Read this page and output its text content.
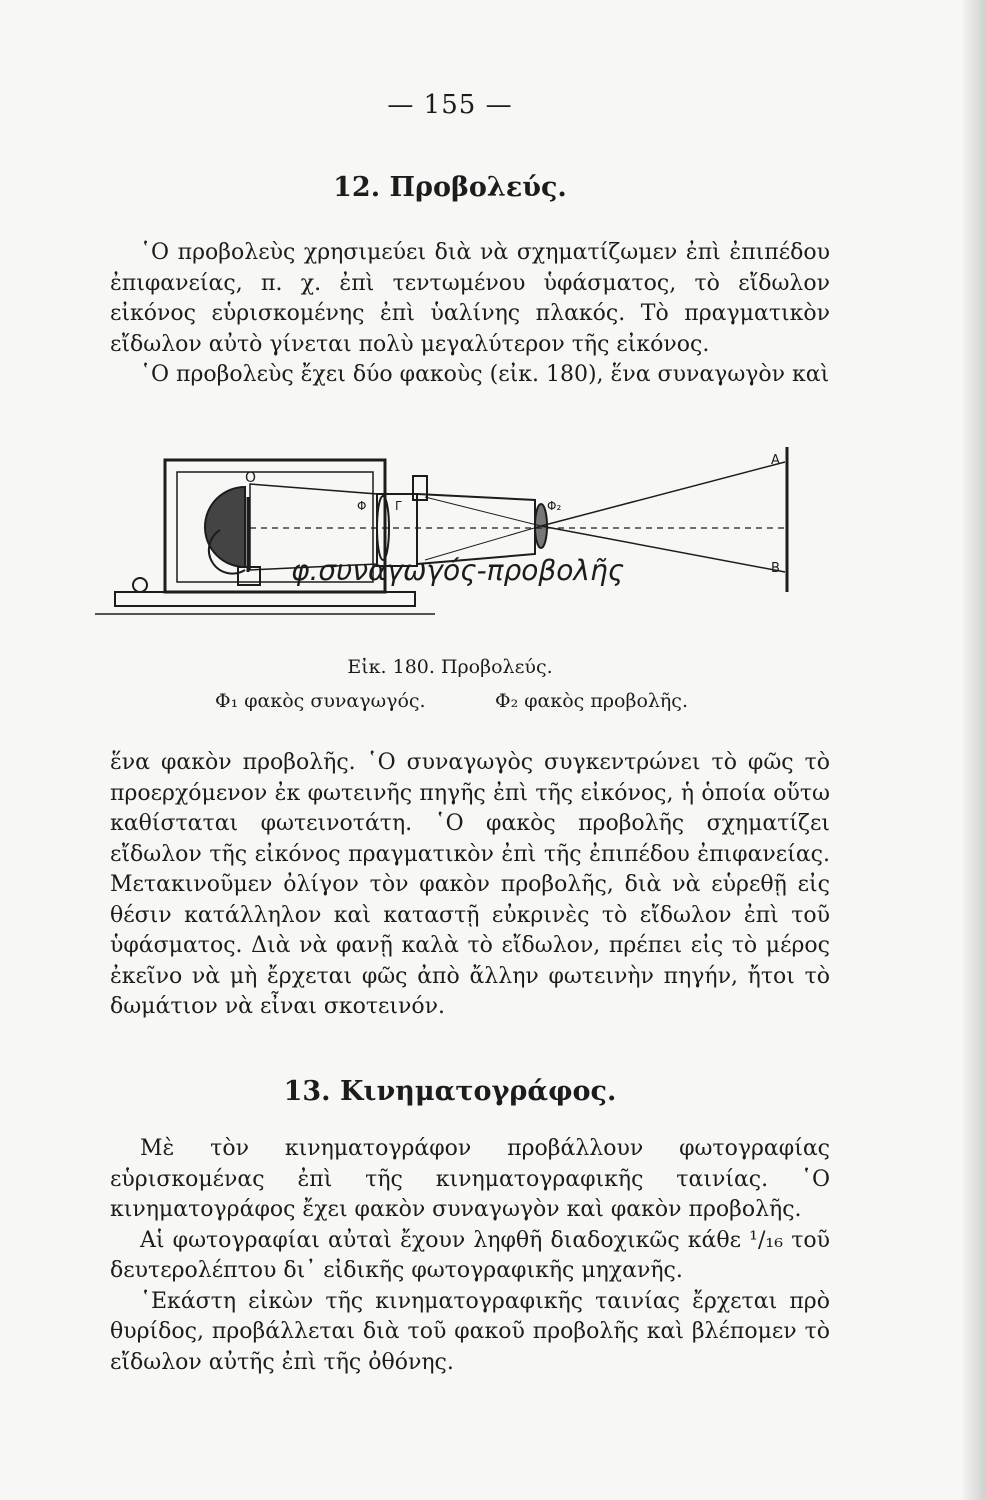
— 155 —
12. Προβολεύς.

῾Ο προβολεὺς χρησιμεύει διὰ νὰ σχηματίζωμεν ἐπὶ ἐπιπέδου ἐπιφανείας, π. χ. ἐπὶ τεντωμένου ὑφάσματος, τὸ εἴδωλον εἰκόνος εὑρισκομένης ἐπὶ ὑαλίνης πλακός. Τὸ πραγματικὸν εἴδωλον αὐτὸ γίνεται πολὺ μεγαλύτερον τῆς εἰκόνος.

῾Ο προβολεὺς ἔχει δύο φακοὺς (εἰκ. 180), ἕνα συναγωγὸν καὶ

O
Φ Γ	Φ₂
A
B
φ.συναγωγός-προβολῆς
Εἰκ. 180. Προβολεύς.
Φ₁ φακὸς συναγωγός.	Φ₂ φακὸς προβολῆς.

ἕνα φακὸν προβολῆς. ῾Ο συναγωγὸς συγκεντρώνει τὸ φῶς τὸ προερχόμενον ἐκ φωτεινῆς πηγῆς ἐπὶ τῆς εἰκόνος, ἡ ὁποία οὕτω καθίσταται φωτεινοτάτη. ῾Ο φακὸς προβολῆς σχηματίζει εἴδωλον τῆς εἰκόνος πραγματικὸν ἐπὶ τῆς ἐπιπέδου ἐπιφανείας. Μετακινοῦμεν ὀλίγον τὸν φακὸν προβολῆς, διὰ νὰ εὑρεθῇ εἰς θέσιν κατάλληλον καὶ καταστῇ εὐκρινὲς τὸ εἴδωλον ἐπὶ τοῦ ὑφάσματος. Διὰ νὰ φανῇ καλὰ τὸ εἴδωλον, πρέπει εἰς τὸ μέρος ἐκεῖνο νὰ μὴ ἔρχεται φῶς ἀπὸ ἄλλην φωτεινὴν πηγήν, ἤτοι τὸ δωμάτιον νὰ εἶναι σκοτεινόν.

13. Κινηματογράφος.

Μὲ τὸν κινηματογράφον προβάλλουν φωτογραφίας εὑρισκομένας ἐπὶ τῆς κινηματογραφικῆς ταινίας. ῾Ο κινηματογράφος ἔχει φακὸν συναγωγὸν καὶ φακὸν προβολῆς.

Αἱ φωτογραφίαι αὐταὶ ἔχουν ληφθῆ διαδοχικῶς κάθε ¹/₁₆ τοῦ δευτερολέπτου δι᾽ εἰδικῆς φωτογραφικῆς μηχανῆς.

῾Εκάστη εἰκὼν τῆς κινηματογραφικῆς ταινίας ἔρχεται πρὸ θυρίδος, προβάλλεται διὰ τοῦ φακοῦ προβολῆς καὶ βλέπομεν τὸ εἴδωλον αὐτῆς ἐπὶ τῆς ὀθόνης.
